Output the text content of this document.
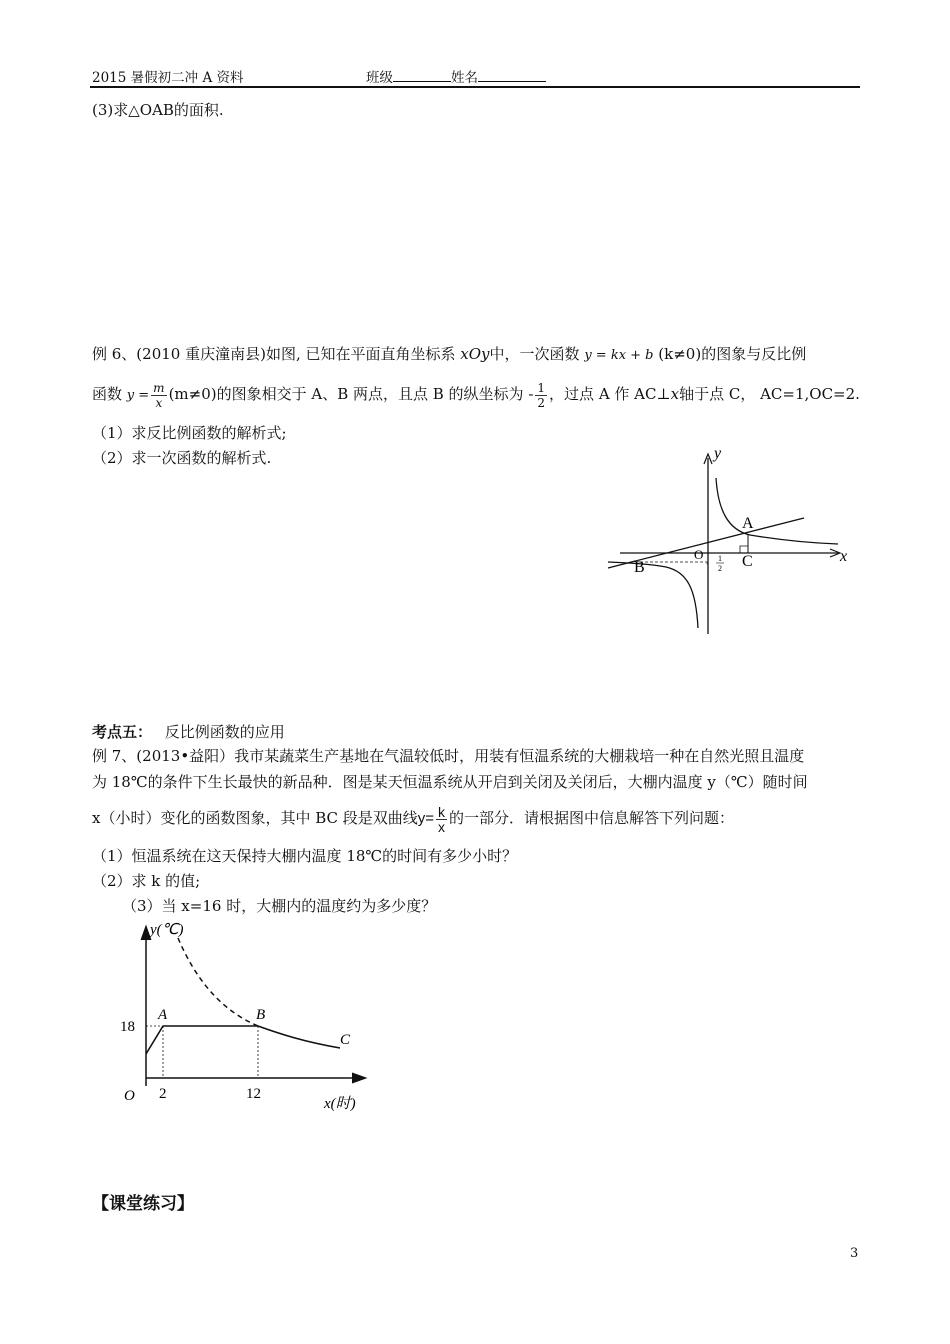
2015 暑假初二冲 A 资料	班级	姓名
(3)求△OAB的面积.
例 6、(2010 重庆潼南县)如图, 已知在平面直角坐标系 xOy中，一次函数 y = kx + b (k≠0)的图象与反比例
函数 $y = \frac{m}{x} (m\ne 0)$的图象相交于 A、B 两点，且点 B 的纵坐标为 - $\frac{1}{2}$ ，过点 A 作 AC⊥x轴于点 C， AC=1,OC=2.
（1）求反比例函数的解析式;
（2）求一次函数的解析式.	y
x
A
C
B
O
-
1
2
考点五： 反比例函数的应用
例 7、(2013•益阳）我市某蔬菜生产基地在气温较低时，用装有恒温系统的大棚栽培一种在自然光照且温度
为 18℃的条件下生长最快的新品种．图是某天恒温系统从开启到关闭及关闭后，大棚内温度 y（℃）随时间
x（小时）变化的函数图象，其中 BC 段是双曲线$y= \frac{k}{x}$ 的一部分．请根据图中信息解答下列问题：
（1）恒温系统在这天保持大棚内温度 18℃的时间有多少小时？
（2）求 k 的值;
（3）当 x=16 时，大棚内的温度约为多少度？
y(℃)
x(时)
O
A	B
C
18
2	12
【课堂练习】
3
